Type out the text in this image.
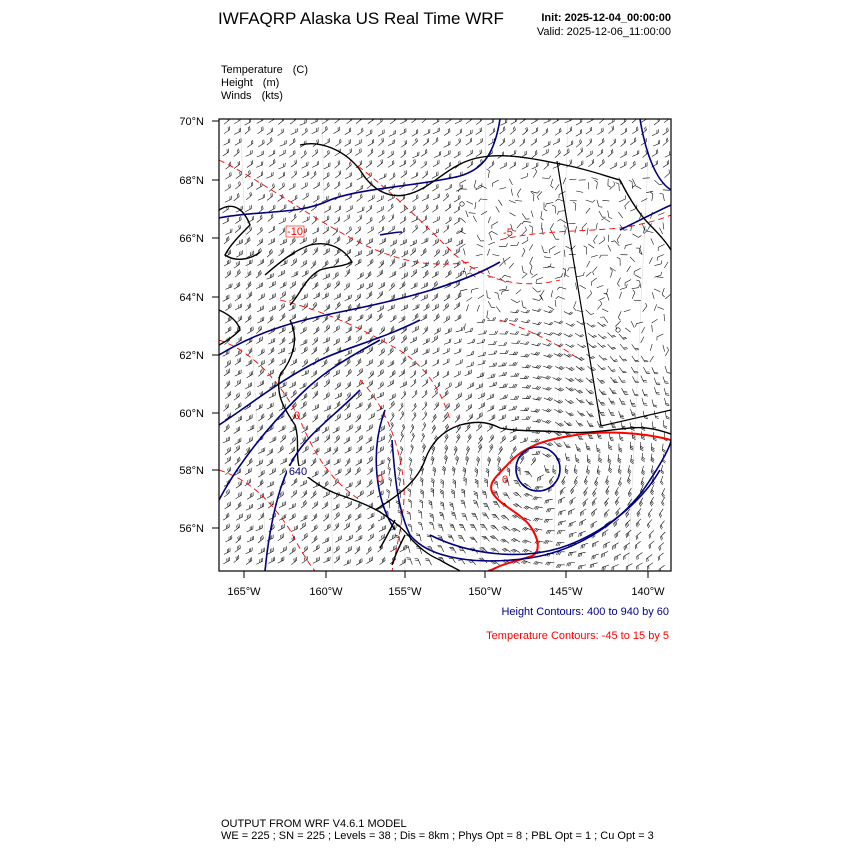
IWFAQRP Alaska US Real Time WRF	Init: 2025-12-04_00:00:00
Valid: 2025-12-06_11:00:00
Temperature (C)
Height (m)
Winds (kts)
-10
0
0
-5
0
640
70°N
68°N
66°N
64°N
62°N
60°N
58°N
56°N
165°W	160°W	155°W	150°W	145°W	140°W
Height Contours: 400 to 940 by 60
Temperature Contours: -45 to 15 by 5
OUTPUT FROM WRF V4.6.1 MODEL
WE = 225 ; SN = 225 ; Levels = 38 ; Dis = 8km ; Phys Opt = 8 ; PBL Opt = 1 ; Cu Opt = 3
